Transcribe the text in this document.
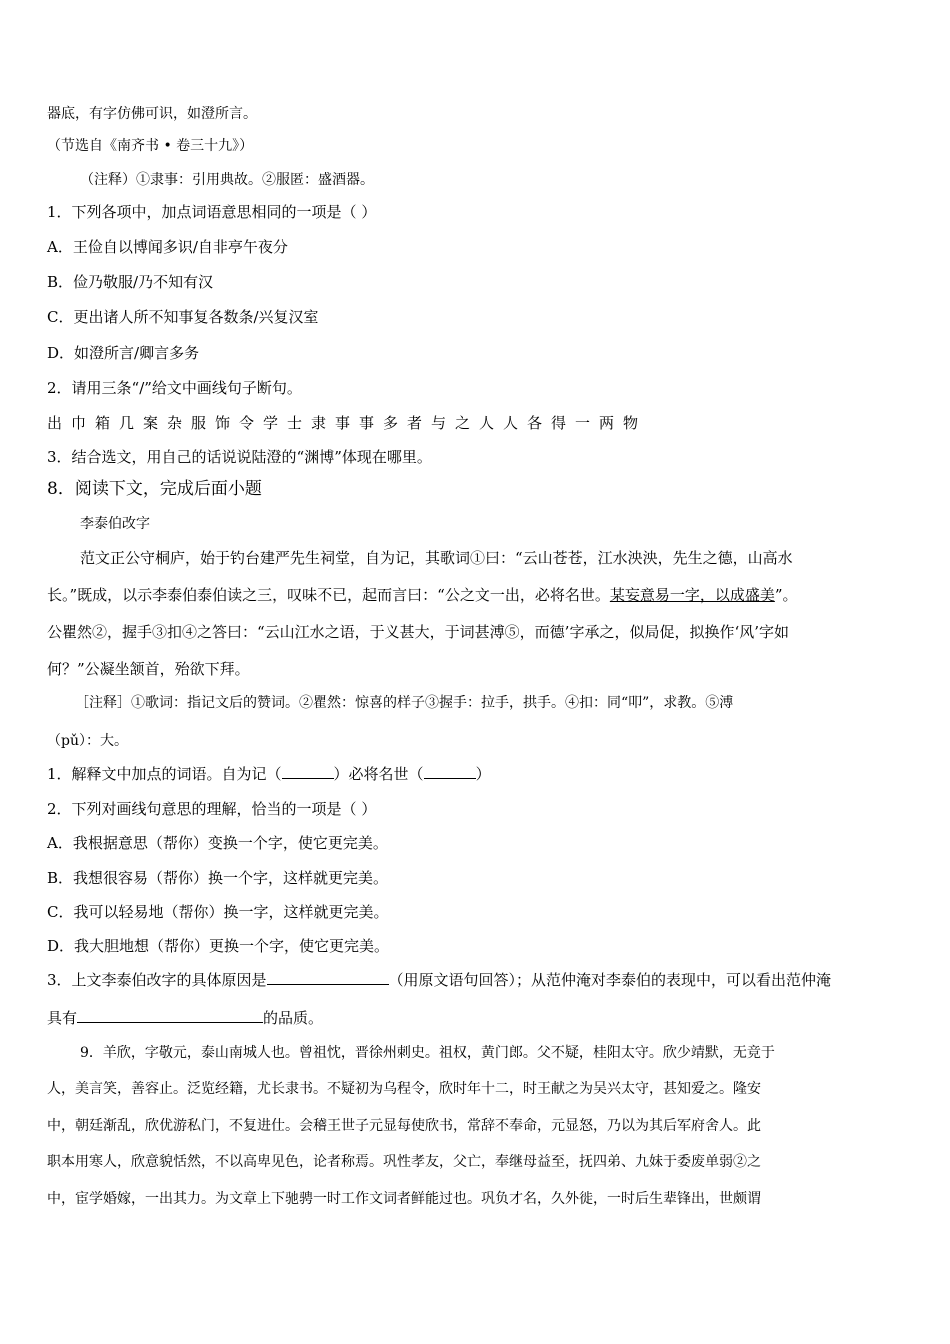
器底，有字仿佛可识，如澄所言。
（节选自《南齐书 • 卷三十九》）
（注释）①隶事：引用典故。②服匿：盛酒器。
1．下列各项中，加点词语意思相同的一项是（ ）
A．王俭自以博闻多识/自非亭午夜分
B．俭乃敬服/乃不知有汉
C．更出诸人所不知事复各数条/兴复汉室
D．如澄所言/卿言多务
2．请用三条“/”给文中画线句子断句。
出巾箱几案杂服饰令学士隶事事多者与之人人各得一两物
3．结合选文，用自己的话说说陆澄的“渊博”体现在哪里。
8．阅读下文，完成后面小题
李泰伯改字
范文正公守桐庐，始于钓台建严先生祠堂，自为记，其歌词①曰：“云山苍苍，江水泱泱，先生之德，山高水
长。”既成，以示李泰伯泰伯读之三，叹味不已，起而言曰：“公之文一出，必将名世。某妄意易一字，以成盛美”。
公瞿然②，握手③扣④之答曰：“云山江水之语，于义甚大，于词甚溥⑤，而德’字承之，似局促，拟换作‘风’字如
何？”公凝坐颔首，殆欲下拜。
［注释］①歌词：指记文后的赞词。②瞿然：惊喜的样子③握手：拉手，拱手。④扣：同“叩”，求教。⑤溥
（pǔ）：大。
1．解释文中加点的词语。自为记（	）必将名世（	）
2．下列对画线句意思的理解，恰当的一项是（ ）
A．我根据意思（帮你）变换一个字，使它更完美。
B．我想很容易（帮你）换一个字，这样就更完美。
C．我可以轻易地（帮你）换一字，这样就更完美。
D．我大胆地想（帮你）更换一个字，使它更完美。
3．上文李泰伯改字的具体原因是	（用原文语句回答）；从范仲淹对李泰伯的表现中，可以看出范仲淹
具有	的品质。
9．羊欣，字敬元，泰山南城人也。曾祖忱，晋徐州刺史。祖权，黄门郎。父不疑，桂阳太守。欣少靖默，无竞于
人，美言笑，善容止。泛览经籍，尤长隶书。不疑初为乌程令，欣时年十二，时王献之为吴兴太守，甚知爱之。隆安
中，朝廷渐乱，欣优游私门，不复进仕。会稽王世子元显每使欣书，常辞不奉命，元显怒，乃以为其后军府舍人。此
职本用寒人，欣意貌恬然，不以高卑见色，论者称焉。巩性孝友，父亡，奉继母益至，抚四弟、九妹于委废单弱②之
中，宦学婚嫁，一出其力。为文章上下驰骋一时工作文词者鲜能过也。巩负才名，久外徙，一时后生辈锋出，世颇谓
